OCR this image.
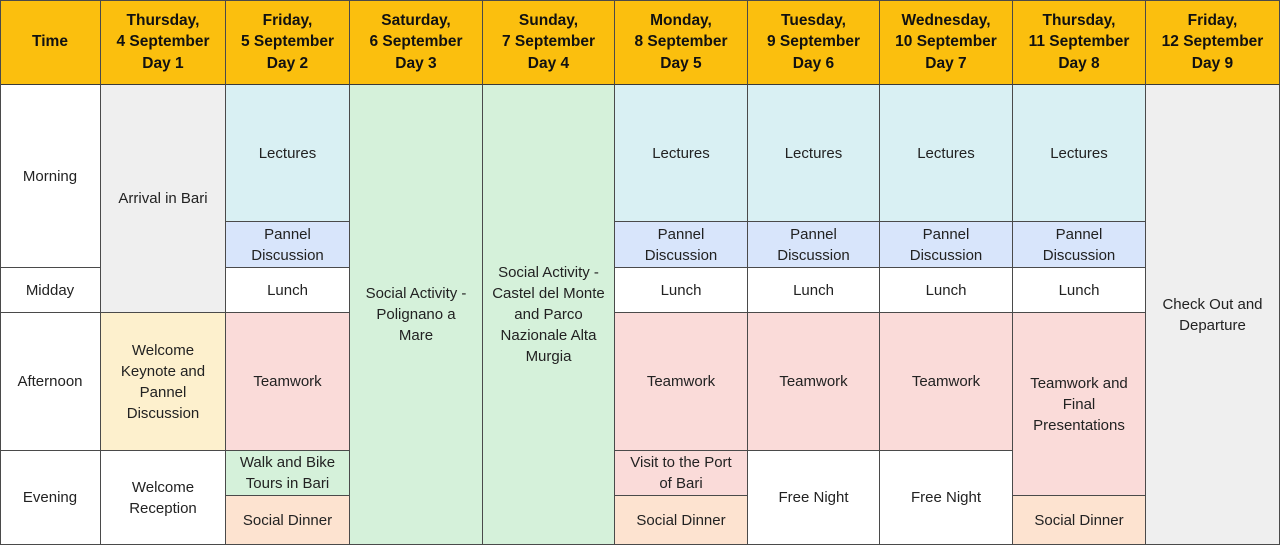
Time
Thursday,
4 September
Day 1
Friday,
5 September
Day 2
Saturday,
6 September
Day 3
Sunday,
7 September
Day 4
Monday,
8 September
Day 5
Tuesday,
9 September
Day 6
Wednesday,
10 September
Day 7
Thursday,
11 September
Day 8
Friday,
12 September
Day 9
Morning
Midday
Afternoon
Evening
Arrival in Bari
Welcome
Keynote and
Pannel
Discussion
Welcome
Reception
Lectures
Pannel
Discussion
Lunch
Teamwork
Walk and Bike
Tours in Bari
Social Dinner
Social Activity -
Polignano a
Mare
Social Activity -
Castel del Monte
and Parco
Nazionale Alta
Murgia
Lectures
Pannel
Discussion
Lunch
Teamwork
Visit to the Port
of Bari
Social Dinner
Lectures
Pannel
Discussion
Lunch
Teamwork
Free Night
Lectures
Pannel
Discussion
Lunch
Teamwork
Free Night
Lectures
Pannel
Discussion
Lunch
Teamwork and
Final
Presentations
Social Dinner
Check Out and
Departure
